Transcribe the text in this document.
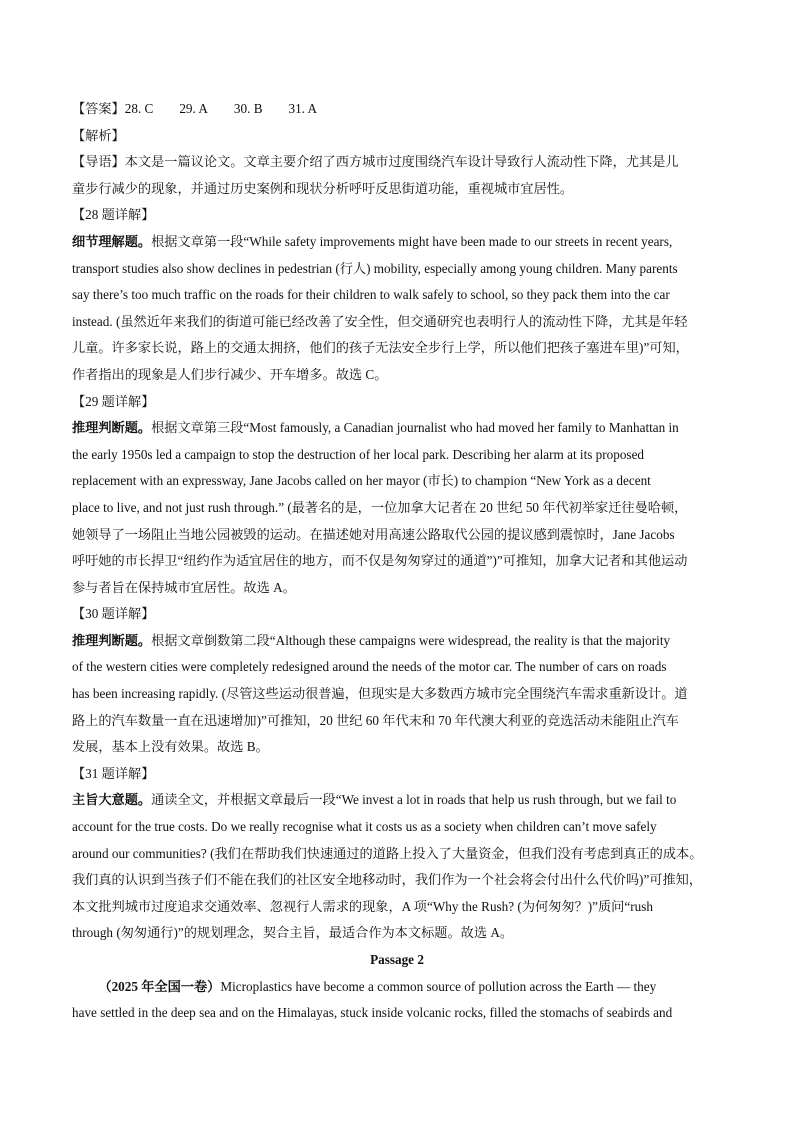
【答案】28. C 29. A 30. B 31. A
【解析】
【导语】本文是一篇议论文。文章主要介绍了西方城市过度围绕汽车设计导致行人流动性下降，尤其是儿
童步行减少的现象，并通过历史案例和现状分析呼吁反思街道功能，重视城市宜居性。
【28 题详解】
细节理解题。根据文章第一段“While safety improvements might have been made to our streets in recent years,
transport studies also show declines in pedestrian (行人) mobility, especially among young children. Many parents
say there’s too much traffic on the roads for their children to walk safely to school, so they pack them into the car
instead. (虽然近年来我们的街道可能已经改善了安全性，但交通研究也表明行人的流动性下降，尤其是年轻
儿童。许多家长说，路上的交通太拥挤，他们的孩子无法安全步行上学，所以他们把孩子塞进车里)”可知，
作者指出的现象是人们步行减少、开车增多。故选 C。
【29 题详解】
推理判断题。根据文章第三段“Most famously, a Canadian journalist who had moved her family to Manhattan in
the early 1950s led a campaign to stop the destruction of her local park. Describing her alarm at its proposed
replacement with an expressway, Jane Jacobs called on her mayor (市长) to champion “New York as a decent
place to live, and not just rush through.” (最著名的是，一位加拿大记者在 20 世纪 50 年代初举家迁往曼哈顿，
她领导了一场阻止当地公园被毁的运动。在描述她对用高速公路取代公园的提议感到震惊时，Jane Jacobs
呼吁她的市长捍卫“纽约作为适宜居住的地方，而不仅是匆匆穿过的通道”)”可推知，加拿大记者和其他运动
参与者旨在保持城市宜居性。故选 A。
【30 题详解】
推理判断题。根据文章倒数第二段“Although these campaigns were widespread, the reality is that the majority
of the western cities were completely redesigned around the needs of the motor car. The number of cars on roads
has been increasing rapidly. (尽管这些运动很普遍，但现实是大多数西方城市完全围绕汽车需求重新设计。道
路上的汽车数量一直在迅速增加)”可推知，20 世纪 60 年代末和 70 年代澳大利亚的竞选活动未能阻止汽车
发展，基本上没有效果。故选 B。
【31 题详解】
主旨大意题。通读全文，并根据文章最后一段“We invest a lot in roads that help us rush through, but we fail to
account for the true costs. Do we really recognise what it costs us as a society when children can’t move safely
around our communities? (我们在帮助我们快速通过的道路上投入了大量资金，但我们没有考虑到真正的成本。
我们真的认识到当孩子们不能在我们的社区安全地移动时，我们作为一个社会将会付出什么代价吗)”可推知，
本文批判城市过度追求交通效率、忽视行人需求的现象，A 项“Why the Rush? (为何匆匆？)”质问“rush
through (匆匆通行)”的规划理念，契合主旨，最适合作为本文标题。故选 A。
Passage 2
（2025 年全国一卷）Microplastics have become a common source of pollution across the Earth — they
have settled in the deep sea and on the Himalayas, stuck inside volcanic rocks, filled the stomachs of seabirds and
